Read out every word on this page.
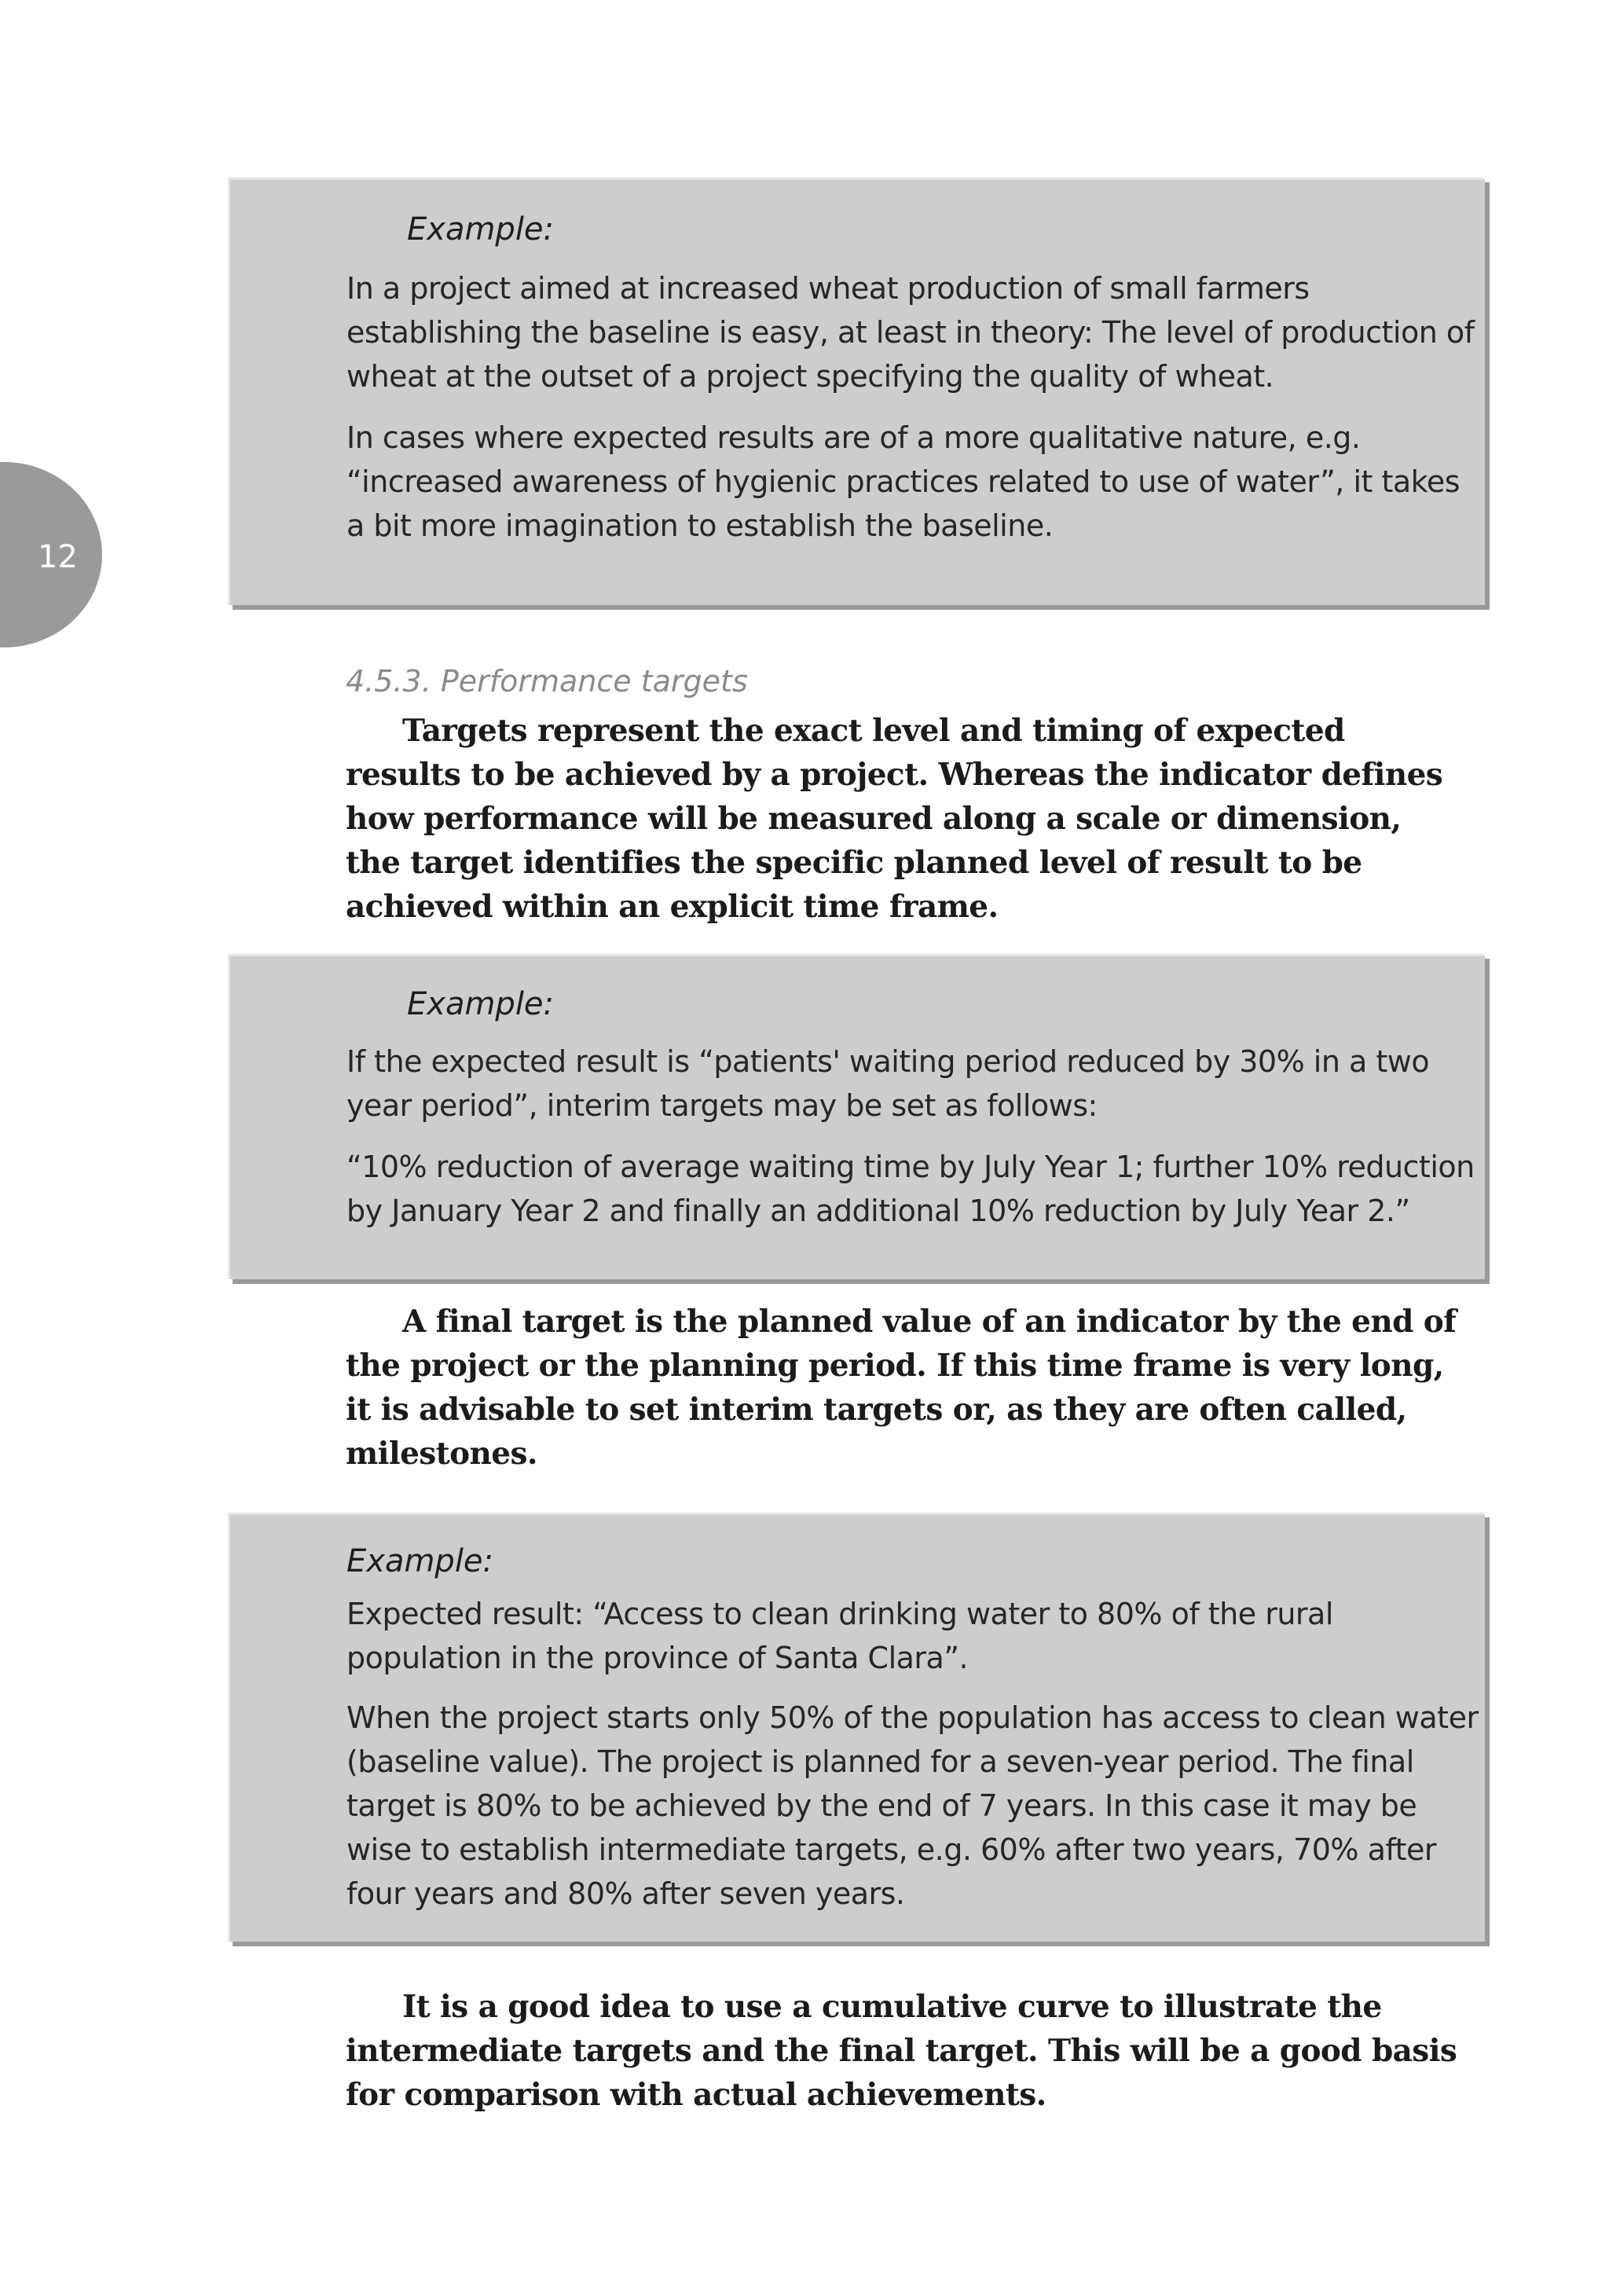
12
Example:
In a project aimed at increased wheat production of small farmers establishing the baseline is easy, at least in theory: The level of production of wheat at the outset of a project specifying the quality of wheat.
In cases where expected results are of a more qualitative nature, e.g. “increased awareness of hygienic practices related to use of water”, it takes a bit more imagination to establish the baseline.
4.5.3. Performance targets

Targets represent the exact level and timing of expected results to be achieved by a project. Whereas the indicator defines how performance will be measured along a scale or dimension, the target identifies the specific planned level of result to be achieved within an explicit time frame.

Example:
If the expected result is “patients' waiting period reduced by 30% in a two year period”, interim targets may be set as follows:
“10% reduction of average waiting time by July Year 1; further 10% reduction by January Year 2 and finally an additional 10% reduction by July Year 2.”

A final target is the planned value of an indicator by the end of the project or the planning period. If this time frame is very long, it is advisable to set interim targets or, as they are often called, milestones.

Example:
Expected result: “Access to clean drinking water to 80% of the rural population in the province of Santa Clara”.
When the project starts only 50% of the population has access to clean water (baseline value). The project is planned for a seven-year period. The final target is 80% to be achieved by the end of 7 years. In this case it may be wise to establish intermediate targets, e.g. 60% after two years, 70% after four years and 80% after seven years.

It is a good idea to use a cumulative curve to illustrate the intermediate targets and the final target. This will be a good basis for comparison with actual achievements.
